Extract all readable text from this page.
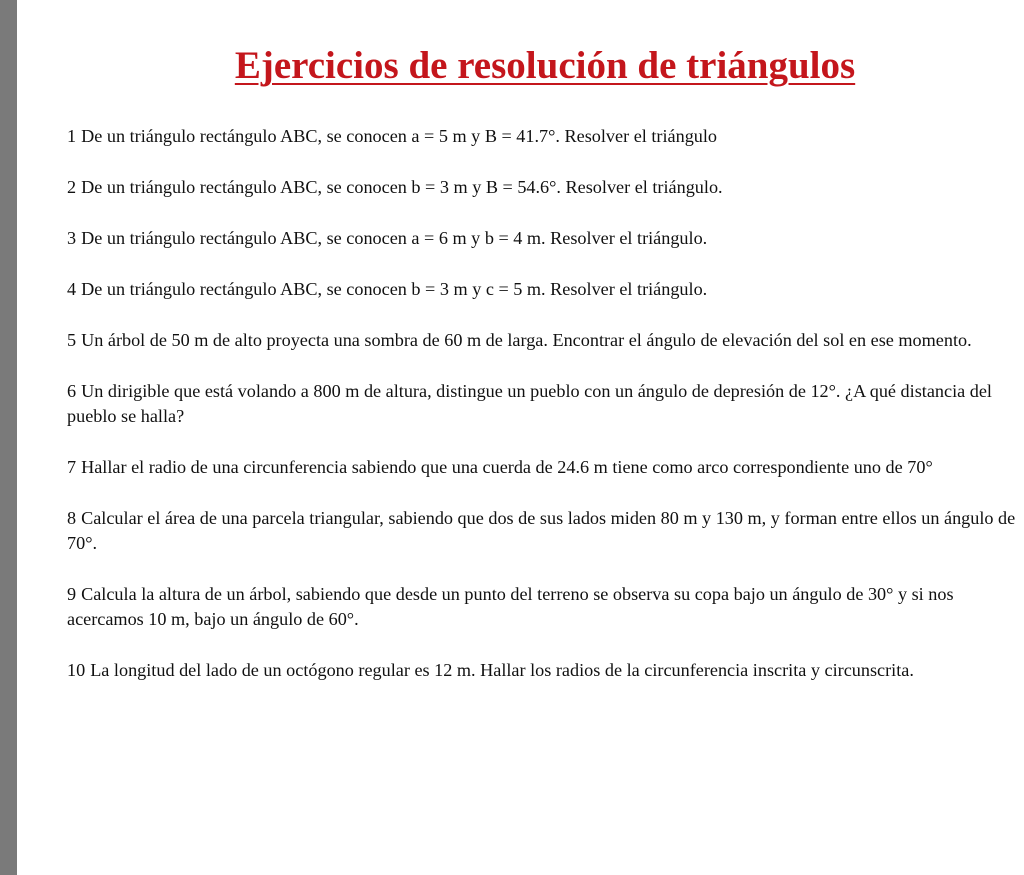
Ejercicios de resolución de triángulos
1 De un triángulo rectángulo ABC, se conocen a = 5 m y B = 41.7°. Resolver el triángulo
2 De un triángulo rectángulo ABC, se conocen b = 3 m y B = 54.6°. Resolver el triángulo.
3 De un triángulo rectángulo ABC, se conocen a = 6 m y b = 4 m. Resolver el triángulo.
4 De un triángulo rectángulo ABC, se conocen b = 3 m y c = 5 m. Resolver el triángulo.
5 Un árbol de 50 m de alto proyecta una sombra de 60 m de larga. Encontrar el ángulo de elevación del sol en ese momento.
6 Un dirigible que está volando a 800 m de altura, distingue un pueblo con un ángulo de depresión de 12°. ¿A qué distancia del pueblo se halla?
7 Hallar el radio de una circunferencia sabiendo que una cuerda de 24.6 m tiene como arco correspondiente uno de 70°
8 Calcular el área de una parcela triangular, sabiendo que dos de sus lados miden 80 m y 130 m, y forman entre ellos un ángulo de 70°.
9 Calcula la altura de un árbol, sabiendo que desde un punto del terreno se observa su copa bajo un ángulo de 30° y si nos acercamos 10 m, bajo un ángulo de 60°.
10 La longitud del lado de un octógono regular es 12 m. Hallar los radios de la circunferencia inscrita y circunscrita.
